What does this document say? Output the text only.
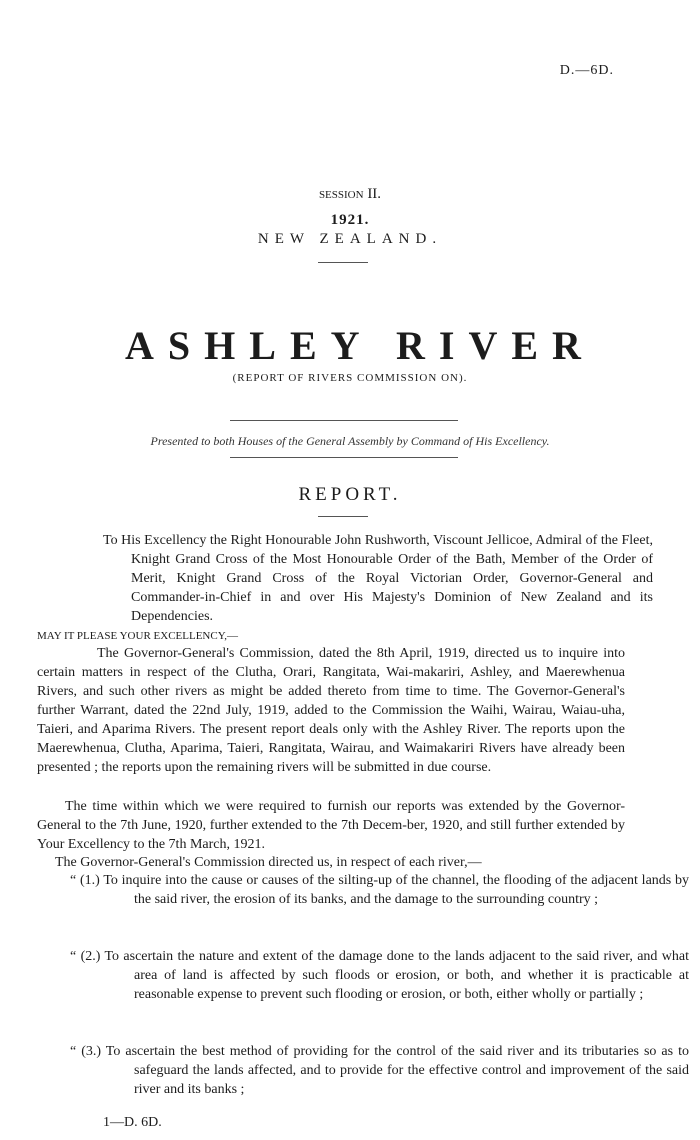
D.—6D.
SESSION II.
1921.
NEW ZEALAND.
ASHLEY RIVER
(REPORT OF RIVERS COMMISSION ON).
Presented to both Houses of the General Assembly by Command of His Excellency.
REPORT.
To His Excellency the Right Honourable John Rushworth, Viscount Jellicoe, Admiral of the Fleet, Knight Grand Cross of the Most Honourable Order of the Bath, Member of the Order of Merit, Knight Grand Cross of the Royal Victorian Order, Governor-General and Commander-in-Chief in and over His Majesty's Dominion of New Zealand and its Dependencies.
MAY IT PLEASE YOUR EXCELLENCY,—
The Governor-General's Commission, dated the 8th April, 1919, directed us to inquire into certain matters in respect of the Clutha, Orari, Rangitata, Wai-makariri, Ashley, and Maerewhenua Rivers, and such other rivers as might be added thereto from time to time. The Governor-General's further Warrant, dated the 22nd July, 1919, added to the Commission the Waihi, Wairau, Waiau-uha, Taieri, and Aparima Rivers. The present report deals only with the Ashley River. The reports upon the Maerewhenua, Clutha, Aparima, Taieri, Rangitata, Wairau, and Waimakariri Rivers have already been presented ; the reports upon the remaining rivers will be submitted in due course.
The time within which we were required to furnish our reports was extended by the Governor-General to the 7th June, 1920, further extended to the 7th Decem-ber, 1920, and still further extended by Your Excellency to the 7th March, 1921.
The Governor-General's Commission directed us, in respect of each river,—
“ (1.) To inquire into the cause or causes of the silting-up of the channel, the flooding of the adjacent lands by the said river, the erosion of its banks, and the damage to the surrounding country ;
“ (2.) To ascertain the nature and extent of the damage done to the lands adjacent to the said river, and what area of land is affected by such floods or erosion, or both, and whether it is practicable at reasonable expense to prevent such flooding or erosion, or both, either wholly or partially ;
“ (3.) To ascertain the best method of providing for the control of the said river and its tributaries so as to safeguard the lands affected, and to provide for the effective control and improvement of the said river and its banks ;
1—D. 6D.
